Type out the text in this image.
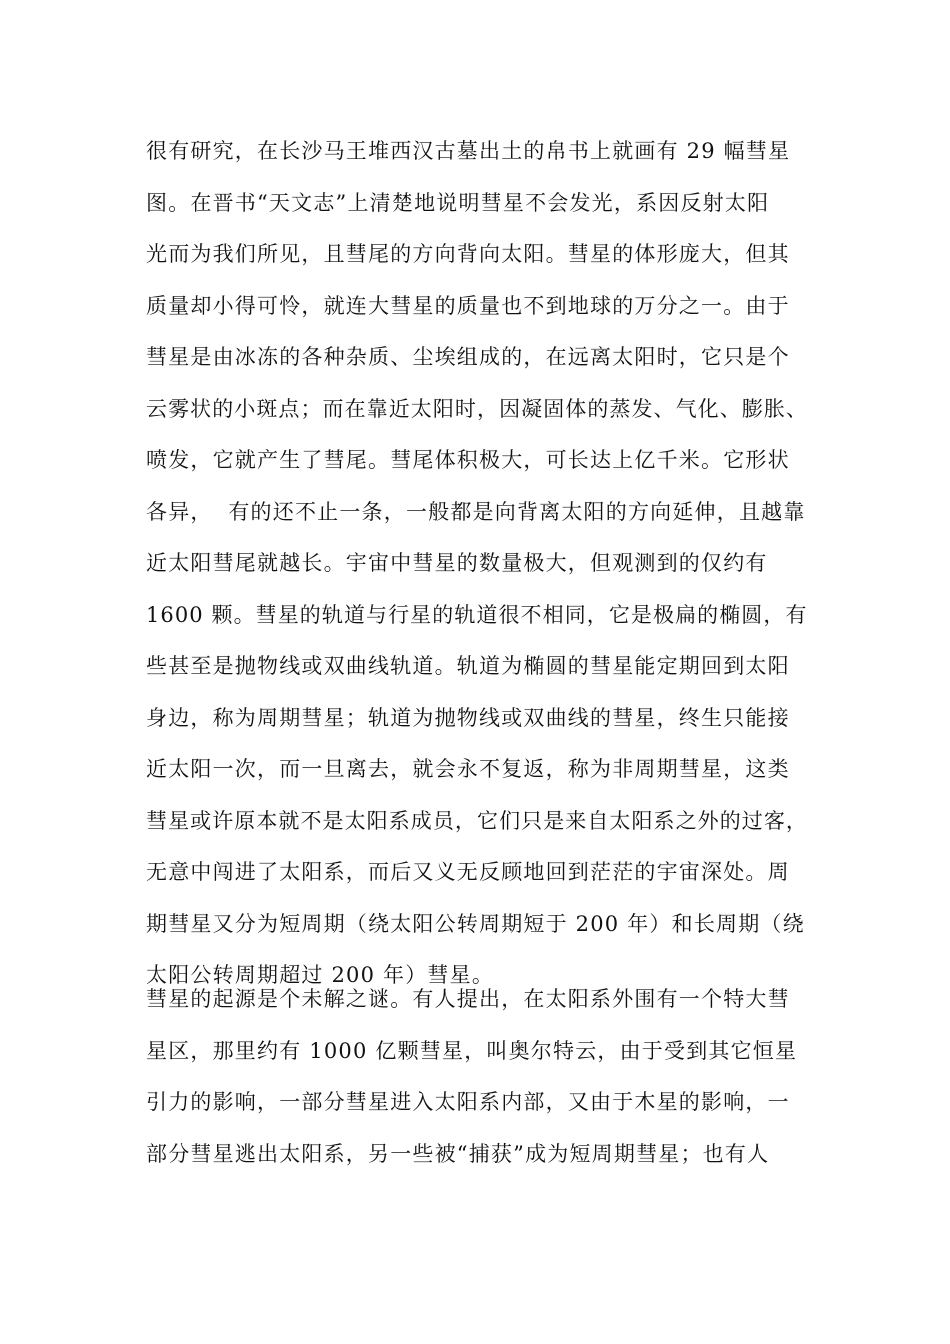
很有研究，在长沙马王堆西汉古墓出土的帛书上就画有 29 幅彗星
图。在晋书“天文志”上清楚地说明彗星不会发光，系因反射太阳
光而为我们所见，且彗尾的方向背向太阳。彗星的体形庞大，但其
质量却小得可怜，就连大彗星的质量也不到地球的万分之一。由于
彗星是由冰冻的各种杂质、尘埃组成的，在远离太阳时，它只是个
云雾状的小斑点；而在靠近太阳时，因凝固体的蒸发、气化、膨胀、
喷发，它就产生了彗尾。彗尾体积极大，可长达上亿千米。它形状
各异，  有的还不止一条，一般都是向背离太阳的方向延伸，且越靠
近太阳彗尾就越长。宇宙中彗星的数量极大，但观测到的仅约有
1600 颗。彗星的轨道与行星的轨道很不相同，它是极扁的椭圆，有
些甚至是抛物线或双曲线轨道。轨道为椭圆的彗星能定期回到太阳
身边，称为周期彗星；轨道为抛物线或双曲线的彗星，终生只能接
近太阳一次，而一旦离去，就会永不复返，称为非周期彗星，这类
彗星或许原本就不是太阳系成员，它们只是来自太阳系之外的过客，
无意中闯进了太阳系，而后又义无反顾地回到茫茫的宇宙深处。周
期彗星又分为短周期（绕太阳公转周期短于 200 年）和长周期（绕
太阳公转周期超过 200 年）彗星。
彗星的起源是个未解之谜。有人提出，在太阳系外围有一个特大彗
星区，那里约有 1000 亿颗彗星，叫奥尔特云，由于受到其它恒星
引力的影响，一部分彗星进入太阳系内部，又由于木星的影响，一
部分彗星逃出太阳系，另一些被“捕获”成为短周期彗星；也有人
